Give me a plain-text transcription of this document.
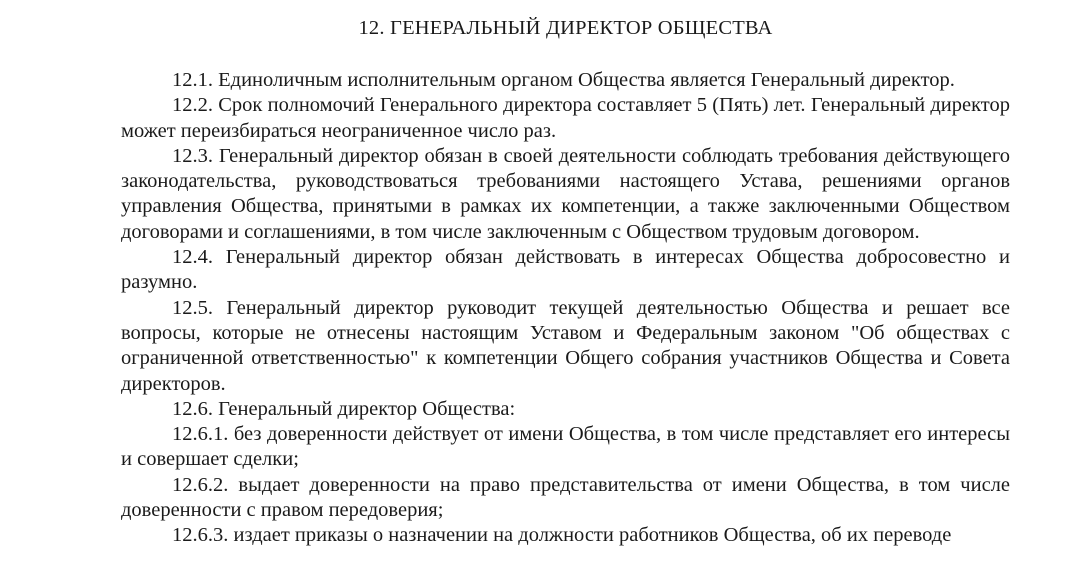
12. ГЕНЕРАЛЬНЫЙ ДИРЕКТОР ОБЩЕСТВА

12.1. Единоличным исполнительным органом Общества является Генеральный директор.

12.2. Срок полномочий Генерального директора составляет 5 (Пять) лет. Генеральный директор может переизбираться неограниченное число раз.

12.3. Генеральный директор обязан в своей деятельности соблюдать требования действующего законодательства, руководствоваться требованиями настоящего Устава, решениями органов управления Общества, принятыми в рамках их компетенции, а также заключенными Обществом договорами и соглашениями, в том числе заключенным с Обществом трудовым договором.

12.4. Генеральный директор обязан действовать в интересах Общества добросовестно и разумно.

12.5. Генеральный директор руководит текущей деятельностью Общества и решает все вопросы, которые не отнесены настоящим Уставом и Федеральным законом "Об обществах с ограниченной ответственностью" к компетенции Общего собрания участников Общества и Совета директоров.

12.6. Генеральный директор Общества:

12.6.1. без доверенности действует от имени Общества, в том числе представляет его интересы и совершает сделки;

12.6.2. выдает доверенности на право представительства от имени Общества, в том числе доверенности с правом передоверия;

12.6.3. издает приказы о назначении на должности работников Общества, об их переводе
